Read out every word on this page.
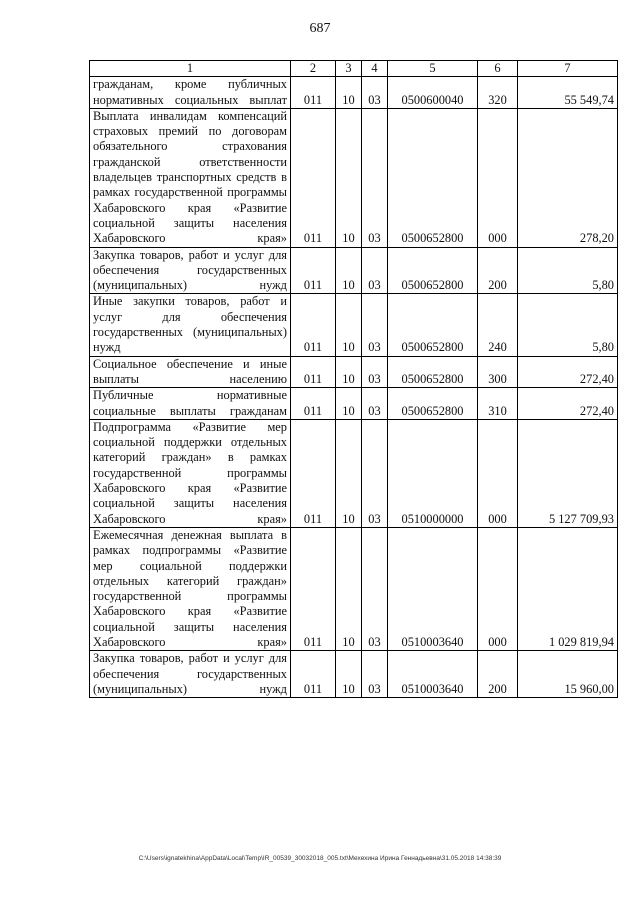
687
1	2	3	4	5	6	7
гражданам, кроме публичных нормативных социальных выплат	011	10	03	0500600040	320	55 549,74
Выплата инвалидам компенсаций страховых премий по договорам обязательного страхования гражданской ответственности владельцев транспортных средств в рамках государственной программы Хабаровского края «Развитие социальной защиты населения Хабаровского края»	011	10	03	0500652800	000	278,20
Закупка товаров, работ и услуг для обеспечения государственных (муниципальных) нужд	011	10	03	0500652800	200	5,80
Иные закупки товаров, работ и услуг для обеспечения государственных (муниципальных) нужд	011	10	03	0500652800	240	5,80
Социальное обеспечение и иные выплаты населению	011	10	03	0500652800	300	272,40
Публичные нормативные социальные выплаты гражданам	011	10	03	0500652800	310	272,40
Подпрограмма «Развитие мер социальной поддержки отдельных категорий граждан» в рамках государственной программы Хабаровского края «Развитие социальной защиты населения Хабаровского края»	011	10	03	0510000000	000	5 127 709,93
Ежемесячная денежная выплата в рамках подпрограммы «Развитие мер социальной поддержки отдельных категорий граждан» государственной программы Хабаровского края «Развитие социальной защиты населения Хабаровского края»	011	10	03	0510003640	000	1 029 819,94
Закупка товаров, работ и услуг для обеспечения государственных (муниципальных) нужд	011	10	03	0510003640	200	15 960,00
C:\Users\ignatekhina\AppData\Local\Temp\IR_00539_30032018_005.txt\Мехехина Ирина Геннадьевна\31.05.2018 14:38:39
